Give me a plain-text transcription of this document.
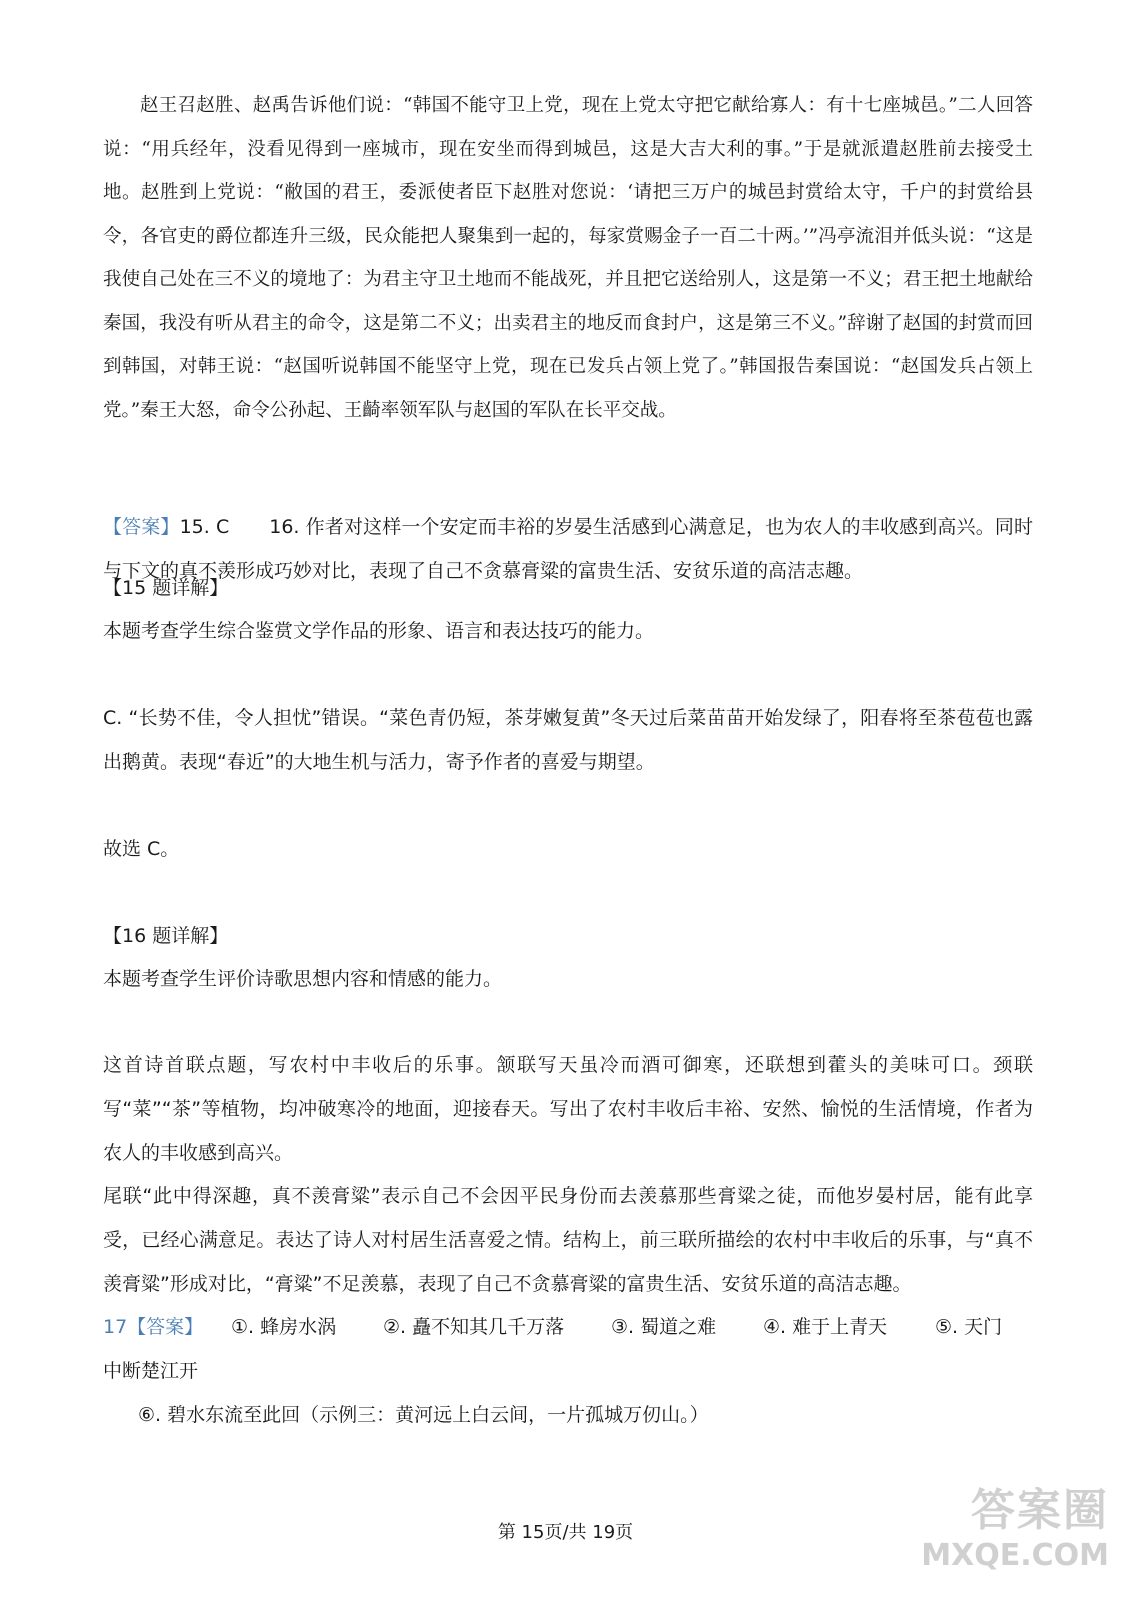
赵王召赵胜、赵禹告诉他们说：“韩国不能守卫上党，现在上党太守把它献给寡人：有十七座城邑。”二人回答说：“用兵经年，没看见得到一座城市，现在安坐而得到城邑，这是大吉大利的事。”于是就派遣赵胜前去接受土地。赵胜到上党说：“敝国的君王，委派使者臣下赵胜对您说：‘请把三万户的城邑封赏给太守，千户的封赏给县令，各官吏的爵位都连升三级，民众能把人聚集到一起的，每家赏赐金子一百二十两。’”冯亭流泪并低头说：“这是我使自己处在三不义的境地了：为君主守卫土地而不能战死，并且把它送给别人，这是第一不义；君王把土地献给秦国，我没有听从君主的命令，这是第二不义；出卖君主的地反而食封户，这是第三不义。”辞谢了赵国的封赏而回到韩国，对韩王说：“赵国听说韩国不能坚守上党，现在已发兵占领上党了。”韩国报告秦国说：“赵国发兵占领上党。”秦王大怒，命令公孙起、王齮率领军队与赵国的军队在长平交战。

【答案】15. C 16. 作者对这样一个安定而丰裕的岁晏生活感到心满意足，也为农人的丰收感到高兴。同时与下文的真不羡形成巧妙对比，表现了自己不贪慕膏粱的富贵生活、安贫乐道的高洁志趣。
【15 题详解】
本题考查学生综合鉴赏文学作品的形象、语言和表达技巧的能力。
C. “长势不佳，令人担忧”错误。“菜色青仍短，茶芽嫩复黄”冬天过后菜苗苗开始发绿了，阳春将至茶苞苞也露出鹅黄。表现“春近”的大地生机与活力，寄予作者的喜爱与期望。
故选 C。
【16 题详解】
本题考查学生评价诗歌思想内容和情感的能力。
这首诗首联点题，写农村中丰收后的乐事。颔联写天虽冷而酒可御寒，还联想到藿头的美味可口。颈联写“菜”“茶”等植物，均冲破寒冷的地面，迎接春天。写出了农村丰收后丰裕、安然、愉悦的生活情境，作者为农人的丰收感到高兴。
尾联“此中得深趣，真不羡膏粱”表示自己不会因平民身份而去羡慕那些膏粱之徒，而他岁晏村居，能有此享受，已经心满意足。表达了诗人对村居生活喜爱之情。结构上，前三联所描绘的农村中丰收后的乐事，与“真不羡膏粱”形成对比，“膏粱”不足羡慕，表现了自己不贪慕膏粱的富贵生活、安贫乐道的高洁志趣。
17【答案】 ①. 蜂房水涡 ②. 矗不知其几千万落 ③. 蜀道之难 ④. 难于上青天	⑤. 天门
中断楚江开
⑥. 碧水东流至此回（示例三：黄河远上白云间，一片孤城万仞山。）
第 15页/共 19页	答案圈
MXQE.COM
